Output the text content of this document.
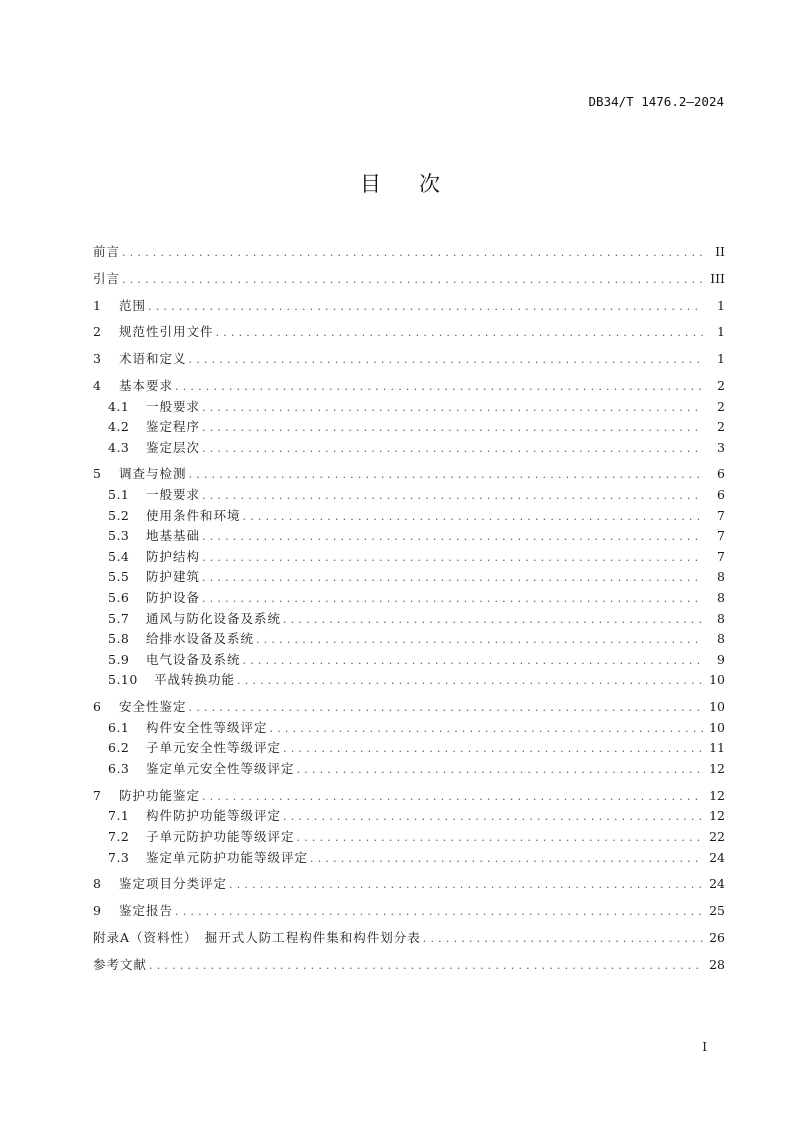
DB34/T 1476.2—2024
目 次
前言 .....	II
引言 .....	III
1	范围 .....	1
2	规范性引用文件 .....	1
3	术语和定义 .....	1
4	基本要求 .....	2
4.1	一般要求 .....	2
4.2	鉴定程序 .....	2
4.3	鉴定层次 .....	3
5	调查与检测 .....	6
5.1	一般要求 .....	6
5.2	使用条件和环境 .....	7
5.3	地基基础 .....	7
5.4	防护结构 .....	7
5.5	防护建筑 .....	8
5.6	防护设备 .....	8
5.7	通风与防化设备及系统 .....	8
5.8	给排水设备及系统 .....	8
5.9	电气设备及系统 .....	9
5.10	平战转换功能 .....	10
6	安全性鉴定 .....	10
6.1	构件安全性等级评定 .....	10
6.2	子单元安全性等级评定 .....	11
6.3	鉴定单元安全性等级评定 .....	12
7	防护功能鉴定 .....	12
7.1	构件防护功能等级评定 .....	12
7.2	子单元防护功能等级评定 .....	22
7.3	鉴定单元防护功能等级评定 .....	24
8	鉴定项目分类评定 .....	24
9	鉴定报告 .....	25
附录A（资料性）　掘开式人防工程构件集和构件划分表 .....	26
参考文献 .....	28
I
